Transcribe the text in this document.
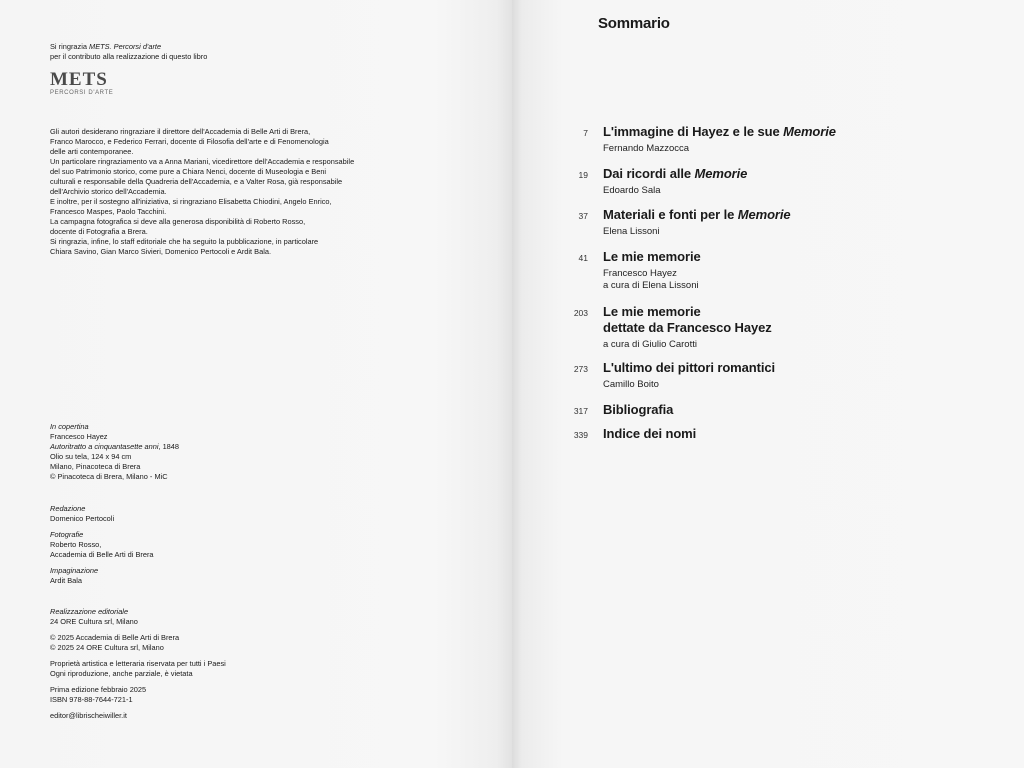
Si ringrazia METS. Percorsi d'arte
per il contributo alla realizzazione di questo libro
METS
PERCORSI D'ARTE
Gli autori desiderano ringraziare il direttore dell'Accademia di Belle Arti di Brera,
Franco Marocco, e Federico Ferrari, docente di Filosofia dell'arte e di Fenomenologia
delle arti contemporanee.
Un particolare ringraziamento va a Anna Mariani, vicedirettore dell'Accademia e responsabile
del suo Patrimonio storico, come pure a Chiara Nenci, docente di Museologia e Beni
culturali e responsabile della Quadreria dell'Accademia, e a Valter Rosa, già responsabile
dell'Archivio storico dell'Accademia.
E inoltre, per il sostegno all'iniziativa, si ringraziano Elisabetta Chiodini, Angelo Enrico,
Francesco Maspes, Paolo Tacchini.
La campagna fotografica si deve alla generosa disponibilità di Roberto Rosso,
docente di Fotografia a Brera.
Si ringrazia, infine, lo staff editoriale che ha seguito la pubblicazione, in particolare
Chiara Savino, Gian Marco Sivieri, Domenico Pertocoli e Ardit Bala.
In copertina
Francesco Hayez
Autoritratto a cinquantasette anni, 1848
Olio su tela, 124 x 94 cm
Milano, Pinacoteca di Brera
© Pinacoteca di Brera, Milano - MiC
Redazione
Domenico Pertocoli
Fotografie
Roberto Rosso,
Accademia di Belle Arti di Brera
Impaginazione
Ardit Bala
Realizzazione editoriale
24 ORE Cultura srl, Milano
© 2025 Accademia di Belle Arti di Brera
© 2025 24 ORE Cultura srl, Milano
Proprietà artistica e letteraria riservata per tutti i Paesi
Ogni riproduzione, anche parziale, è vietata
Prima edizione febbraio 2025
ISBN 978-88-7644-721-1
editor@librischeiwiller.it
Sommario
7 L'immagine di Hayez e le sue Memorie
Fernando Mazzocca
19 Dai ricordi alle Memorie
Edoardo Sala
37 Materiali e fonti per le Memorie
Elena Lissoni
41 Le mie memorie
Francesco Hayez
a cura di Elena Lissoni
203 Le mie memorie
dettate da Francesco Hayez
a cura di Giulio Carotti
273 L'ultimo dei pittori romantici
Camillo Boito
317 Bibliografia
339 Indice dei nomi
